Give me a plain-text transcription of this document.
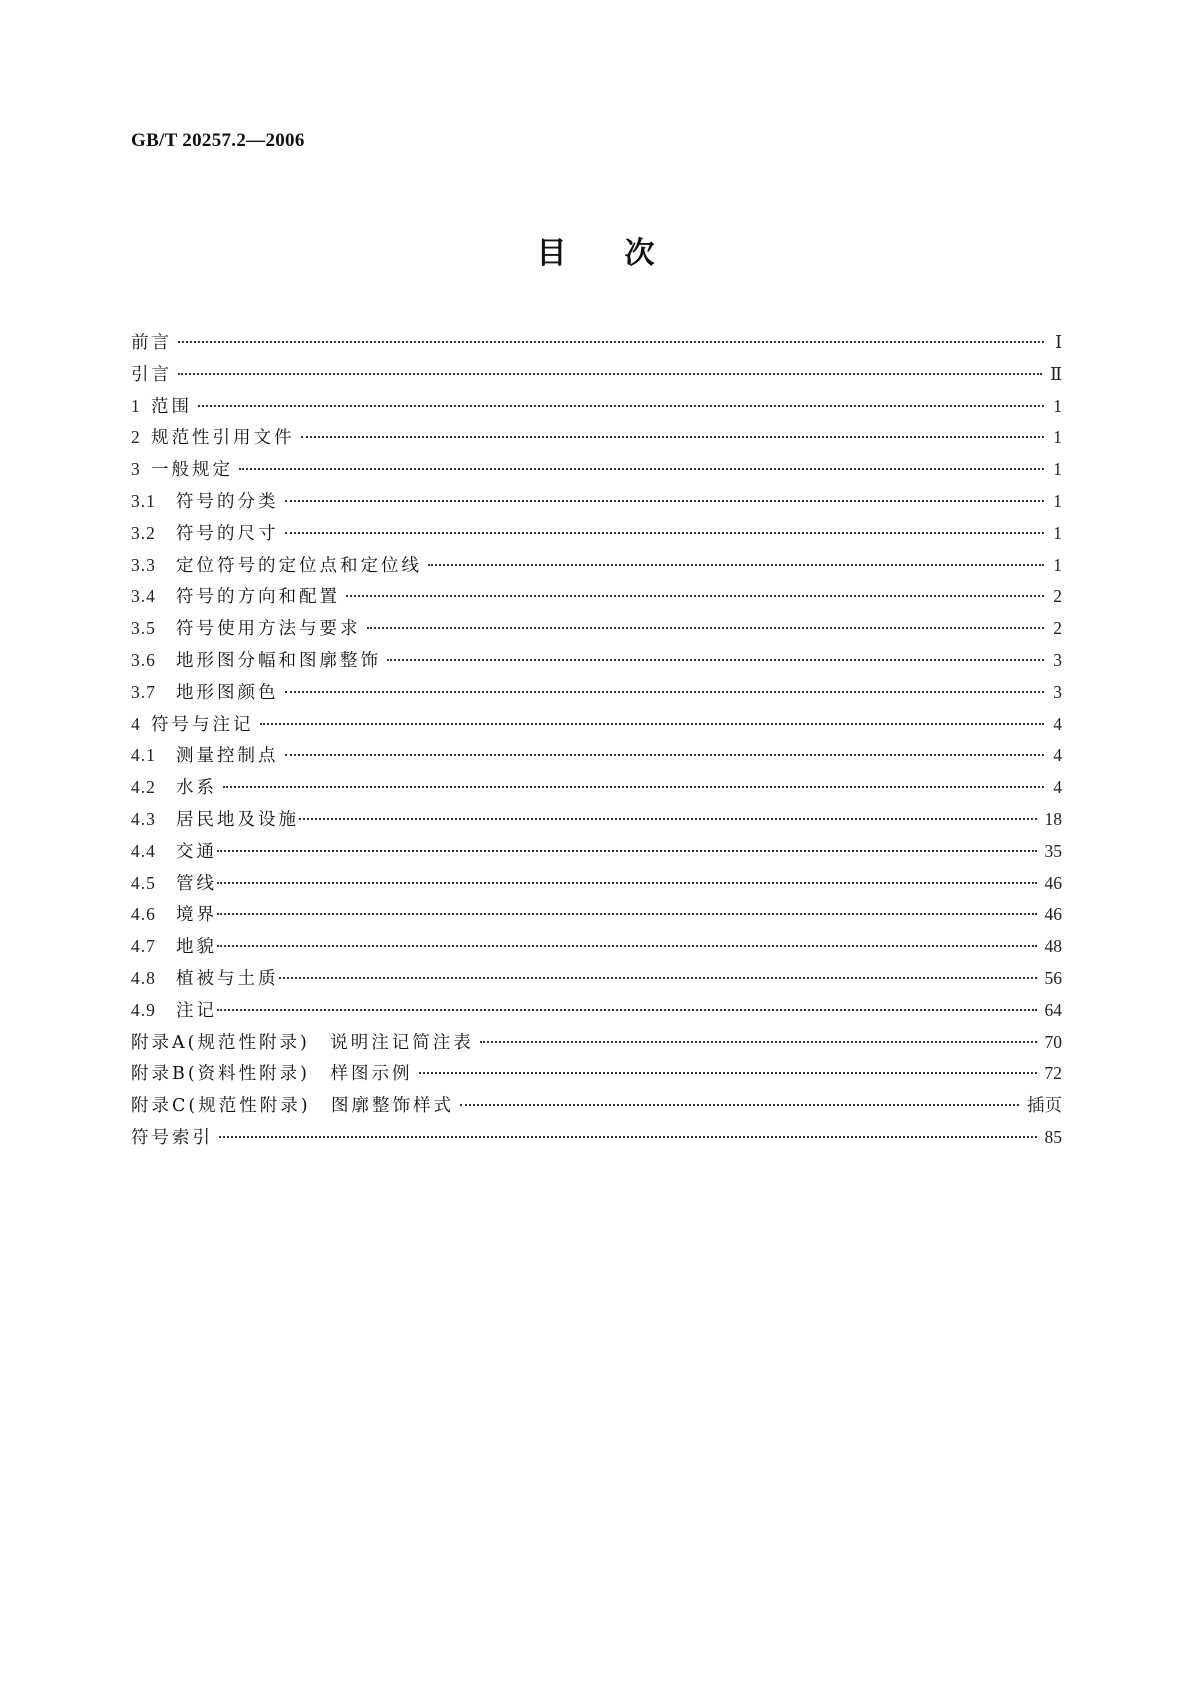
GB/T 20257.2—2006
目次
前言	Ⅰ
引言	Ⅱ
1 范围	1
2 规范性引用文件	1
3 一般规定	1
3.1	符号的分类	1
3.2	符号的尺寸	1
3.3	定位符号的定位点和定位线	1
3.4	符号的方向和配置	2
3.5	符号使用方法与要求	2
3.6	地形图分幅和图廓整饰	3
3.7	地形图颜色	3
4 符号与注记	4
4.1	测量控制点	4
4.2	水系	4
4.3	居民地及设施	18
4.4	交通	35
4.5	管线	46
4.6	境界	46
4.7	地貌	48
4.8	植被与土质	56
4.9	注记	64
附录A(规范性附录)　说明注记简注表	70
附录B(资料性附录)　样图示例	72
附录C(规范性附录)　图廓整饰样式	插页
符号索引	85
